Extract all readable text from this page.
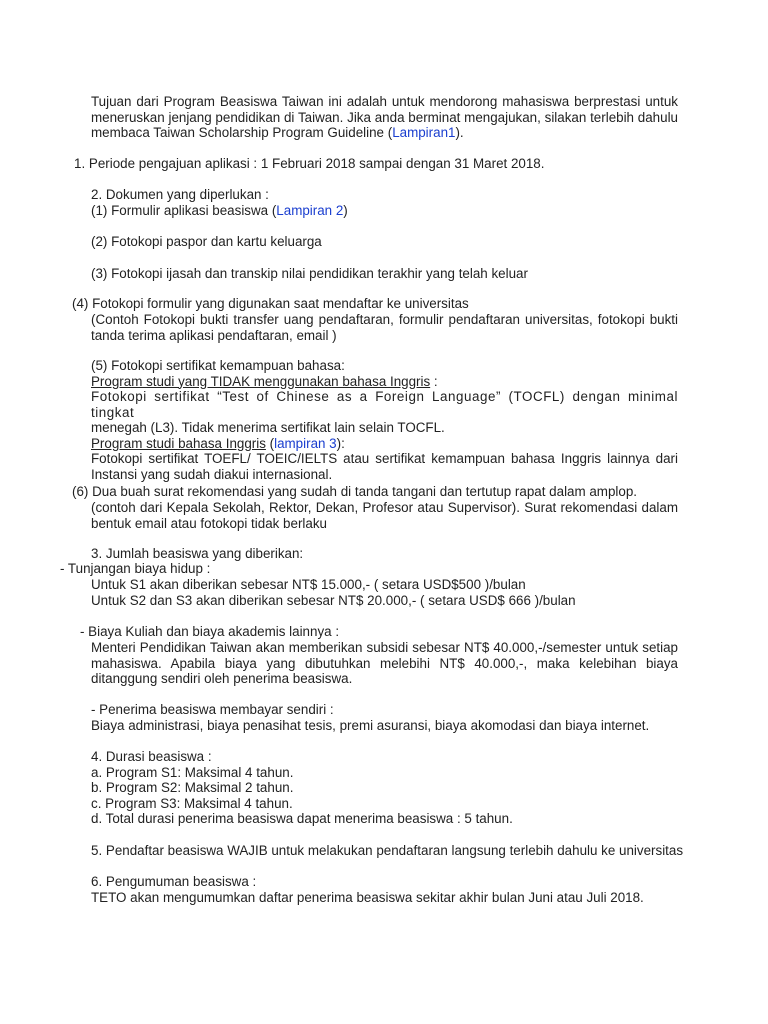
Tujuan dari Program Beasiswa Taiwan ini adalah untuk mendorong mahasiswa berprestasi untuk
meneruskan jenjang pendidikan di Taiwan. Jika anda berminat mengajukan, silakan terlebih dahulu
membaca Taiwan Scholarship Program Guideline (Lampiran1).
1. Periode pengajuan aplikasi : 1 Februari 2018 sampai dengan 31 Maret 2018.
2. Dokumen yang diperlukan :
(1) Formulir aplikasi beasiswa (Lampiran 2)
(2) Fotokopi paspor dan kartu keluarga
(3) Fotokopi ijasah dan transkip nilai pendidikan terakhir yang telah keluar
(4) Fotokopi formulir yang digunakan saat mendaftar ke universitas
(Contoh Fotokopi bukti transfer uang pendaftaran, formulir pendaftaran universitas, fotokopi bukti
tanda terima aplikasi pendaftaran, email )
(5) Fotokopi sertifikat kemampuan bahasa:
Program studi yang TIDAK menggunakan bahasa Inggris :
Fotokopi sertifikat “Test of Chinese as a Foreign Language” (TOCFL) dengan minimal tingkat
menegah (L3). Tidak menerima sertifikat lain selain TOCFL.
Program studi bahasa Inggris (lampiran 3):
Fotokopi sertifikat TOEFL/ TOEIC/IELTS atau sertifikat kemampuan bahasa Inggris lainnya dari
Instansi yang sudah diakui internasional.
(6) Dua buah surat rekomendasi yang sudah di tanda tangani dan tertutup rapat dalam amplop.
(contoh dari Kepala Sekolah, Rektor, Dekan, Profesor atau Supervisor). Surat rekomendasi dalam
bentuk email atau fotokopi tidak berlaku
3. Jumlah beasiswa yang diberikan:
- Tunjangan biaya hidup :
Untuk S1 akan diberikan sebesar NT$ 15.000,- ( setara USD$500 )/bulan
Untuk S2 dan S3 akan diberikan sebesar NT$ 20.000,- ( setara USD$ 666 )/bulan
- Biaya Kuliah dan biaya akademis lainnya :
Menteri Pendidikan Taiwan akan memberikan subsidi sebesar NT$ 40.000,-/semester untuk setiap
mahasiswa. Apabila biaya yang dibutuhkan melebihi NT$ 40.000,-, maka kelebihan biaya
ditanggung sendiri oleh penerima beasiswa.
- Penerima beasiswa membayar sendiri :
Biaya administrasi, biaya penasihat tesis, premi asuransi, biaya akomodasi dan biaya internet.
4. Durasi beasiswa :
a. Program S1: Maksimal 4 tahun.
b. Program S2: Maksimal 2 tahun.
c. Program S3: Maksimal 4 tahun.
d. Total durasi penerima beasiswa dapat menerima beasiswa : 5 tahun.
5. Pendaftar beasiswa WAJIB untuk melakukan pendaftaran langsung terlebih dahulu ke universitas
6. Pengumuman beasiswa :
TETO akan mengumumkan daftar penerima beasiswa sekitar akhir bulan Juni atau Juli 2018.
